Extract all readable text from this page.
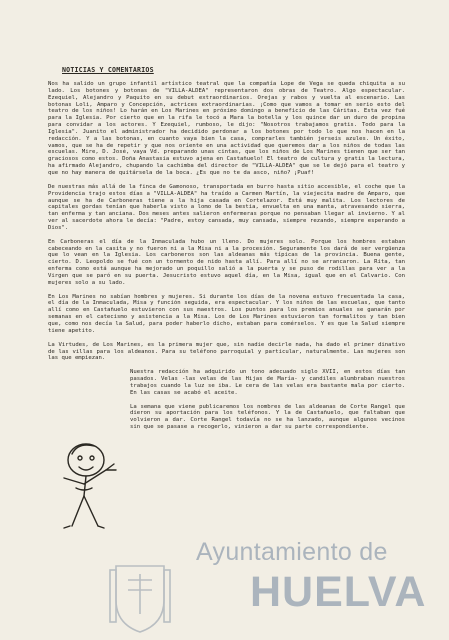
NOTICIAS Y COMENTARIOS

Nos ha salido un grupo infantil artístico teatral que la compañía Lope de Vega se queda chiquita a su lado. Los botones y botonas de "VILLA-ALDEA" representaron dos obras de Teatro. Algo espectacular. Ezequiel, Alejandro y Paquito en su debut extraordinarios. Orejas y rabos y vuelta al escenario. Las botonas Loli, Amparo y Concepción, actrices extraordinarias. ¡Como que vamos a tomar en serio esto del teatro de los niños! Lo harán en Los Marines en próximo domingo a beneficio de las Cáritas. Esta vez fué para la Iglesia. Por cierto que en la rifa le tocó a Mara la botella y los quince dar un duro de propina para convidar a los actores. Y Ezequiel, rumboso, le dijo: "Nosotros trabajamos gratis. Todo para la Iglesia". Juanito el administrador ha decidido perdonar a los botones por todo lo que nos hacen en la redacción. Y a las botonas, en cuanto vaya bien la casa, comprarles también jerseis azules. Un éxito, vamos, que se ha de repetir y que nos oriente en una actividad que queremos dar a los niños de todas las escuelas. Mire, D. José, vaya Vd. preparando unas cintas, que los niños de Los Marines tienen que ser tan graciosos como estos. Doña Anastasia estuvo ajena en Castañuelo! El teatro de cultura y gratis la lectura, ha afirmado Alejandro, chupando la cachimba del director de "VILLA-ALDEA" que se le dejó para el teatro y que no hay manera de quitársela de la boca. ¿Es que no te da asco, niño? ¡Puaf!

De nuestras más allá de la finca de Gamonoso, transportada en burro hasta sitio accesible, el coche que la Providencia trajo estos días a "VILLA-ALDEA" ha traído a Carmen Martín, la viejecita madre de Amparo, que aunque se ha de Carboneras tiene a la hija casada en Cortelazor. Está muy malita. Los lectores de capitales gordas tenían que haberla visto a lomo de la bestia, envuelta en una manta, atravesando sierra, tan enferma y tan anciana. Dos meses antes salieron enfermeras porque no pensaban llegar al invierno. Y al ver al sacerdote ahora le decía: "Padre, estoy cansada, muy cansada, siempre rezando, siempre esperando a Dios".

En Carboneras el día de la Inmaculada hubo un lleno. Do mujeres solo. Porque los hombres estaban cabeceando en la casita y no fueron ni a la Misa ni a la procesión. Seguramente los dará de ser vergüenza que lo vean en la Iglesia. Los carboneros son las aldeanas más típicas de la provincia. Buena gente, cierto. D. Leopoldo se fué con un tormento de nido hasta allí. Para allí no se arrancaron. La Rita, tan enferma como está aunque ha mejorado un poquillo salió a la puerta y se puso de rodillas para ver a la Virgen que se paró en su puerta. Jesucristo estuvo aquel día, en la Misa, igual que en el Calvario. Con mujeres solo a su lado.

En Los Marines no sabían hombres y mujeres. Si durante los días de la novena estuvo frecuentada la casa, el día de la Inmaculada, Misa y función seguida, era espectacular. Y los niños de las escuelas, que tanto allí como en Castañuelo estuvieron con sus maestros. Los puntos para los premios anuales se ganarán por semanas en el catecismo y asistencia a la Misa. Los de Los Marines estuvieron tan formalitos y tan bien que, como nos decía la Salud, para poder haberlo dicho, estaban para comérselos. Y es que la Salud siempre tiene apetito.

La Virtudes, de Los Marines, es la primera mujer que, sin nadie decirle nada, ha dado el primer dinativo de las villas para los aldeanos. Para su teléfono parroquial y particular, naturalmente. Las mujeres son las que empiezan.

Nuestra redacción ha adquirido un tono adecuado siglo XVII, en estos días tan pasados. Velas -las velas de las Hijas de María- y candiles alumbraban nuestros trabajos cuando la luz se iba. Le cera de las velas era bastante mala por cierto. En las casas se acabó el aceite.

La semana que viene publicaremos los nombres de las aldeanas de Corte Rangel que dieron su aportación para los teléfonos. Y la de Castañuelo, que faltaban que volvieron a dar. Corte Rangel todavía no se ha lanzado, aunque algunos vecinos sin que se pasase a recogerlo, vinieron a dar su parte correspondiente.

Ayuntamiento de
HUELVA
